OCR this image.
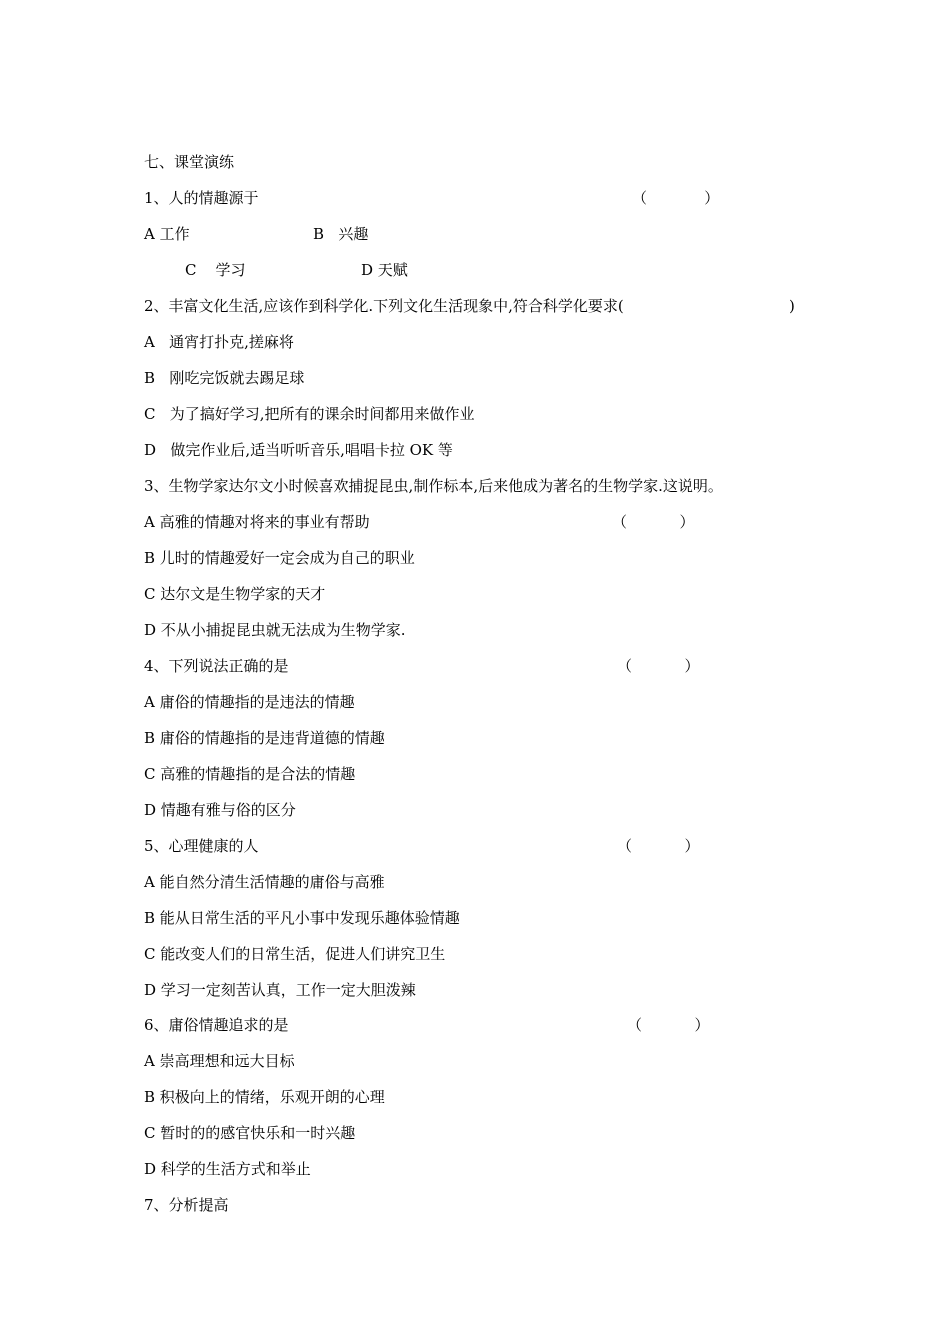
七、课堂演练
1、人的情趣源于	（            ）
A 工作	B   兴趣
C    学习	D 天赋
2、丰富文化生活,应该作到科学化.下列文化生活现象中,符合科学化要求(	)
A   通宵打扑克,搓麻将
B   刚吃完饭就去踢足球
C   为了搞好学习,把所有的课余时间都用来做作业
D   做完作业后,适当听听音乐,唱唱卡拉 OK 等
3、生物学家达尔文小时候喜欢捕捉昆虫,制作标本,后来他成为著名的生物学家.这说明。
A 高雅的情趣对将来的事业有帮助	（           ）
B 儿时的情趣爱好一定会成为自己的职业
C 达尔文是生物学家的天才
D 不从小捕捉昆虫就无法成为生物学家.
4、下列说法正确的是	（           ）
A 庸俗的情趣指的是违法的情趣
B 庸俗的情趣指的是违背道德的情趣
C 高雅的情趣指的是合法的情趣
D 情趣有雅与俗的区分
5、心理健康的人	（           ）
A 能自然分清生活情趣的庸俗与高雅
B 能从日常生活的平凡小事中发现乐趣体验情趣
C 能改变人们的日常生活，促进人们讲究卫生
D 学习一定刻苦认真，工作一定大胆泼辣
6、庸俗情趣追求的是	（           ）
A 崇高理想和远大目标
B 积极向上的情绪，乐观开朗的心理
C 暂时的的感官快乐和一时兴趣
D 科学的生活方式和举止
7、分析提高
